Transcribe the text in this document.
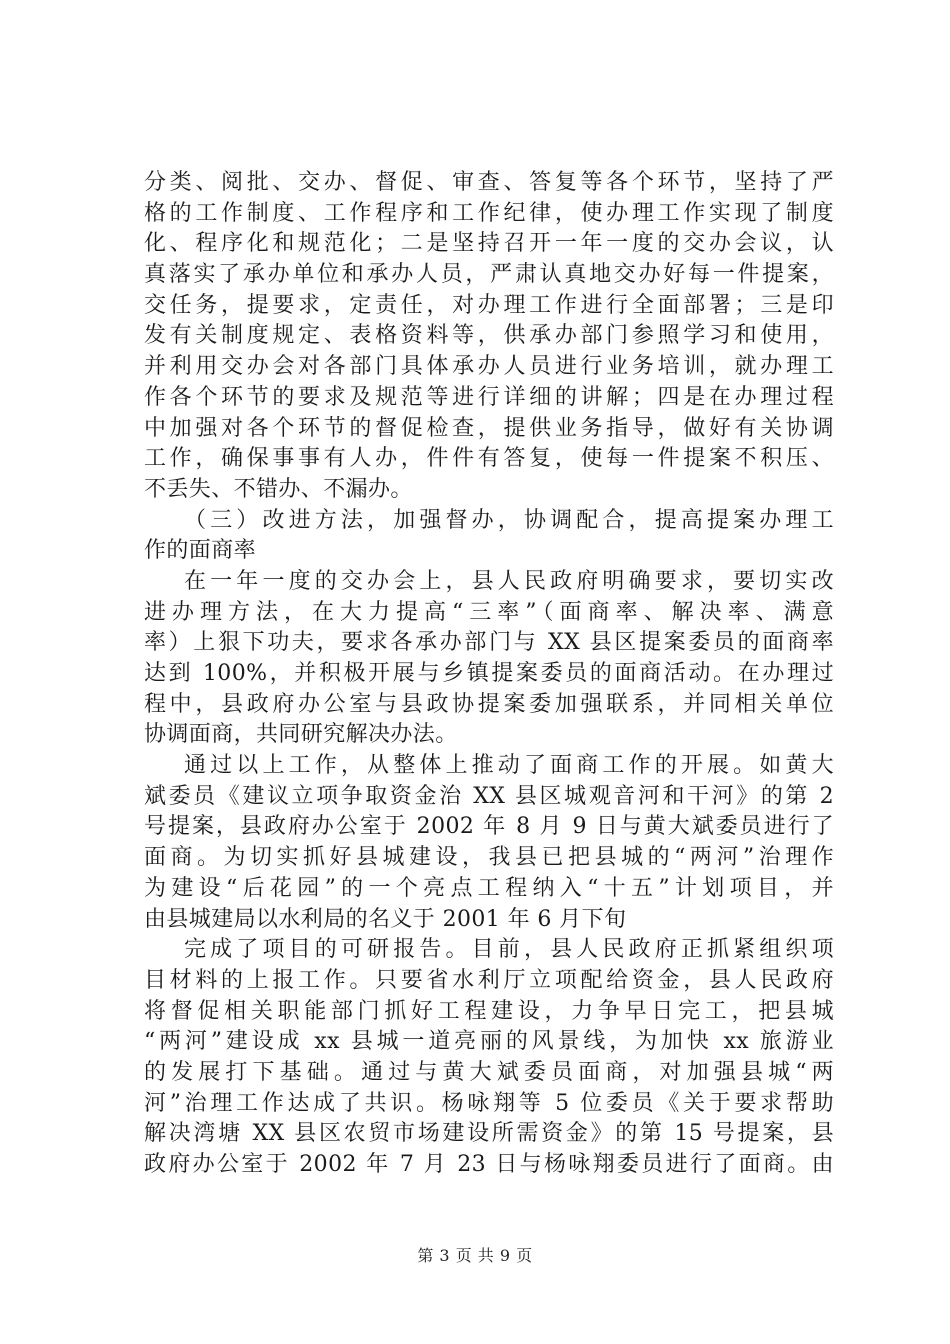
分类、阅批、交办、督促、审查、答复等各个环节，坚持了严
格的工作制度、工作程序和工作纪律，使办理工作实现了制度
化、程序化和规范化；二是坚持召开一年一度的交办会议，认
真落实了承办单位和承办人员，严肃认真地交办好每一件提案，
交任务，提要求，定责任，对办理工作进行全面部署；三是印
发有关制度规定、表格资料等，供承办部门参照学习和使用，
并利用交办会对各部门具体承办人员进行业务培训，就办理工
作各个环节的要求及规范等进行详细的讲解；四是在办理过程
中加强对各个环节的督促检查，提供业务指导，做好有关协调
工作，确保事事有人办，件件有答复，使每一件提案不积压、
不丢失、不错办、不漏办。
（三）改进方法，加强督办，协调配合，提高提案办理工
作的面商率
在一年一度的交办会上，县人民政府明确要求，要切实改
进办理方法，在大力提高“三率”（面商率、解决率、满意
率）上狠下功夫，要求各承办部门与 XX 县区提案委员的面商率
达到 100%，并积极开展与乡镇提案委员的面商活动。在办理过
程中，县政府办公室与县政协提案委加强联系，并同相关单位
协调面商，共同研究解决办法。
通过以上工作，从整体上推动了面商工作的开展。如黄大
斌委员《建议立项争取资金治 XX 县区城观音河和干河》的第 2
号提案，县政府办公室于 2002 年 8 月 9 日与黄大斌委员进行了
面商。为切实抓好县城建设，我县已把县城的“两河”治理作
为建设“后花园”的一个亮点工程纳入“十五”计划项目，并
由县城建局以水利局的名义于 2001 年 6 月下旬
完成了项目的可研报告。目前，县人民政府正抓紧组织项
目材料的上报工作。只要省水利厅立项配给资金，县人民政府
将督促相关职能部门抓好工程建设，力争早日完工，把县城
“两河”建设成 xx 县城一道亮丽的风景线，为加快 xx 旅游业
的发展打下基础。通过与黄大斌委员面商，对加强县城“两
河”治理工作达成了共识。杨咏翔等 5 位委员《关于要求帮助
解决湾塘 XX 县区农贸市场建设所需资金》的第 15 号提案，县
政府办公室于 2002 年 7 月 23 日与杨咏翔委员进行了面商。由
第 3 页 共 9 页
